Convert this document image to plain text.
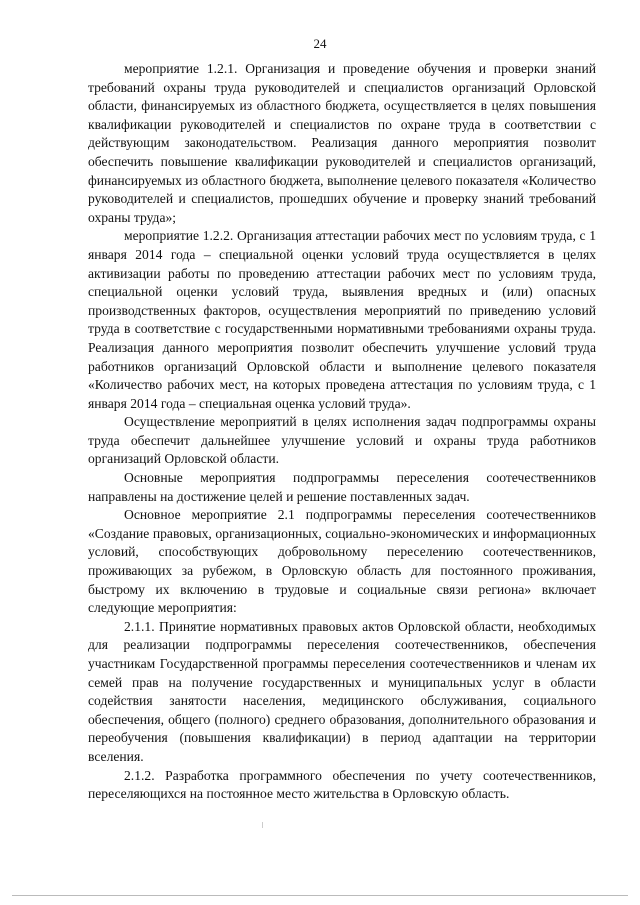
24

мероприятие 1.2.1. Организация и проведение обучения и проверки знаний требований охраны труда руководителей и специалистов организаций Орловской области, финансируемых из областного бюджета, осуществляется в целях повышения квалификации руководителей и специалистов по охране труда в соответствии с действующим законодательством. Реализация данного мероприятия позволит обеспечить повышение квалификации руководителей и специалистов организаций, финансируемых из областного бюджета, выполнение целевого показателя «Количество руководителей и специалистов, прошедших обучение и проверку знаний требований охраны труда»;

мероприятие 1.2.2. Организация аттестации рабочих мест по условиям труда, с 1 января 2014 года – специальной оценки условий труда осуществляется в целях активизации работы по проведению аттестации рабочих мест по условиям труда, специальной оценки условий труда, выявления вредных и (или) опасных производственных факторов, осуществления мероприятий по приведению условий труда в соответствие с государственными нормативными требованиями охраны труда. Реализация данного мероприятия позволит обеспечить улучшение условий труда работников организаций Орловской области и выполнение целевого показателя «Количество рабочих мест, на которых проведена аттестация по условиям труда, с 1 января 2014 года – специальная оценка условий труда».

Осуществление мероприятий в целях исполнения задач подпрограммы охраны труда обеспечит дальнейшее улучшение условий и охраны труда работников организаций Орловской области.

Основные мероприятия подпрограммы переселения соотечественников направлены на достижение целей и решение поставленных задач.

Основное мероприятие 2.1 подпрограммы переселения соотечественников «Создание правовых, организационных, социально-экономических и информационных условий, способствующих добровольному переселению соотечественников, проживающих за рубежом, в Орловскую область для постоянного проживания, быстрому их включению в трудовые и социальные связи региона» включает следующие мероприятия:

2.1.1. Принятие нормативных правовых актов Орловской области, необходимых для реализации подпрограммы переселения соотечественников, обеспечения участникам Государственной программы переселения соотечественников и членам их семей прав на получение государственных и муниципальных услуг в области содействия занятости населения, медицинского обслуживания, социального обеспечения, общего (полного) среднего образования, дополнительного образования и переобучения (повышения квалификации) в период адаптации на территории вселения.

2.1.2. Разработка программного обеспечения по учету соотечественников, переселяющихся на постоянное место жительства в Орловскую область.
